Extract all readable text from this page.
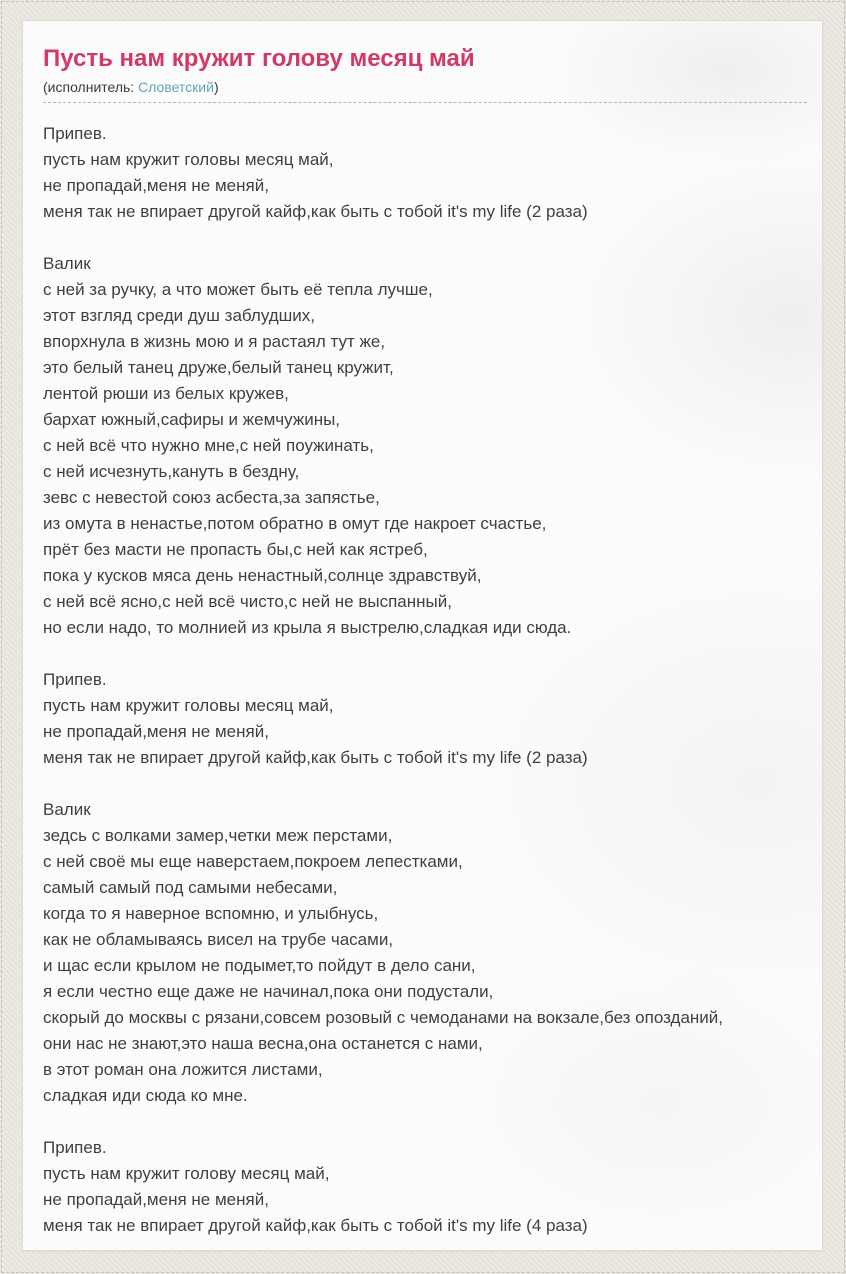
Пусть нам кружит голову месяц май
(исполнитель: Словетский)
Припев.
пусть нам кружит головы месяц май,
не пропадай,меня не меняй,
меня так не впирает другой кайф,как быть с тобой it's my life (2 раза)
Валик
с ней за ручку, а что может быть её тепла лучше,
этот взгляд среди душ заблудших,
впорхнула в жизнь мою и я растаял тут же,
это белый танец друже,белый танец кружит,
лентой рюши из белых кружев,
бархат южный,сафиры и жемчужины,
с ней всё что нужно мне,с ней поужинать,
с ней исчезнуть,кануть в бездну,
зевс с невестой союз асбеста,за запястье,
из омута в ненастье,потом обратно в омут где накроет счастье,
прёт без масти не пропасть бы,с ней как ястреб,
пока у кусков мяса день ненастный,солнце здравствуй,
с ней всё ясно,с ней всё чисто,с ней не выспанный,
но если надо, то молнией из крыла я выстрелю,сладкая иди сюда.
Припев.
пусть нам кружит головы месяц май,
не пропадай,меня не меняй,
меня так не впирает другой кайф,как быть с тобой it's my life (2 раза)
Валик
зедсь с волками замер,четки меж перстами,
с ней своё мы еще наверстаем,покроем лепестками,
самый самый под самыми небесами,
когда то я наверное вспомню, и улыбнусь,
как не обламываясь висел на трубе часами,
и щас если крылом не подымет,то пойдут в дело сани,
я если честно еще даже не начинал,пока они подустали,
скорый до москвы с рязани,совсем розовый с чемоданами на вокзале,без опозданий,
они нас не знают,это наша весна,она останется с нами,
в этот роман она ложится листами,
сладкая иди сюда ко мне.
Припев.
пусть нам кружит голову месяц май,
не пропадай,меня не меняй,
меня так не впирает другой кайф,как быть с тобой it's my life (4 раза)
